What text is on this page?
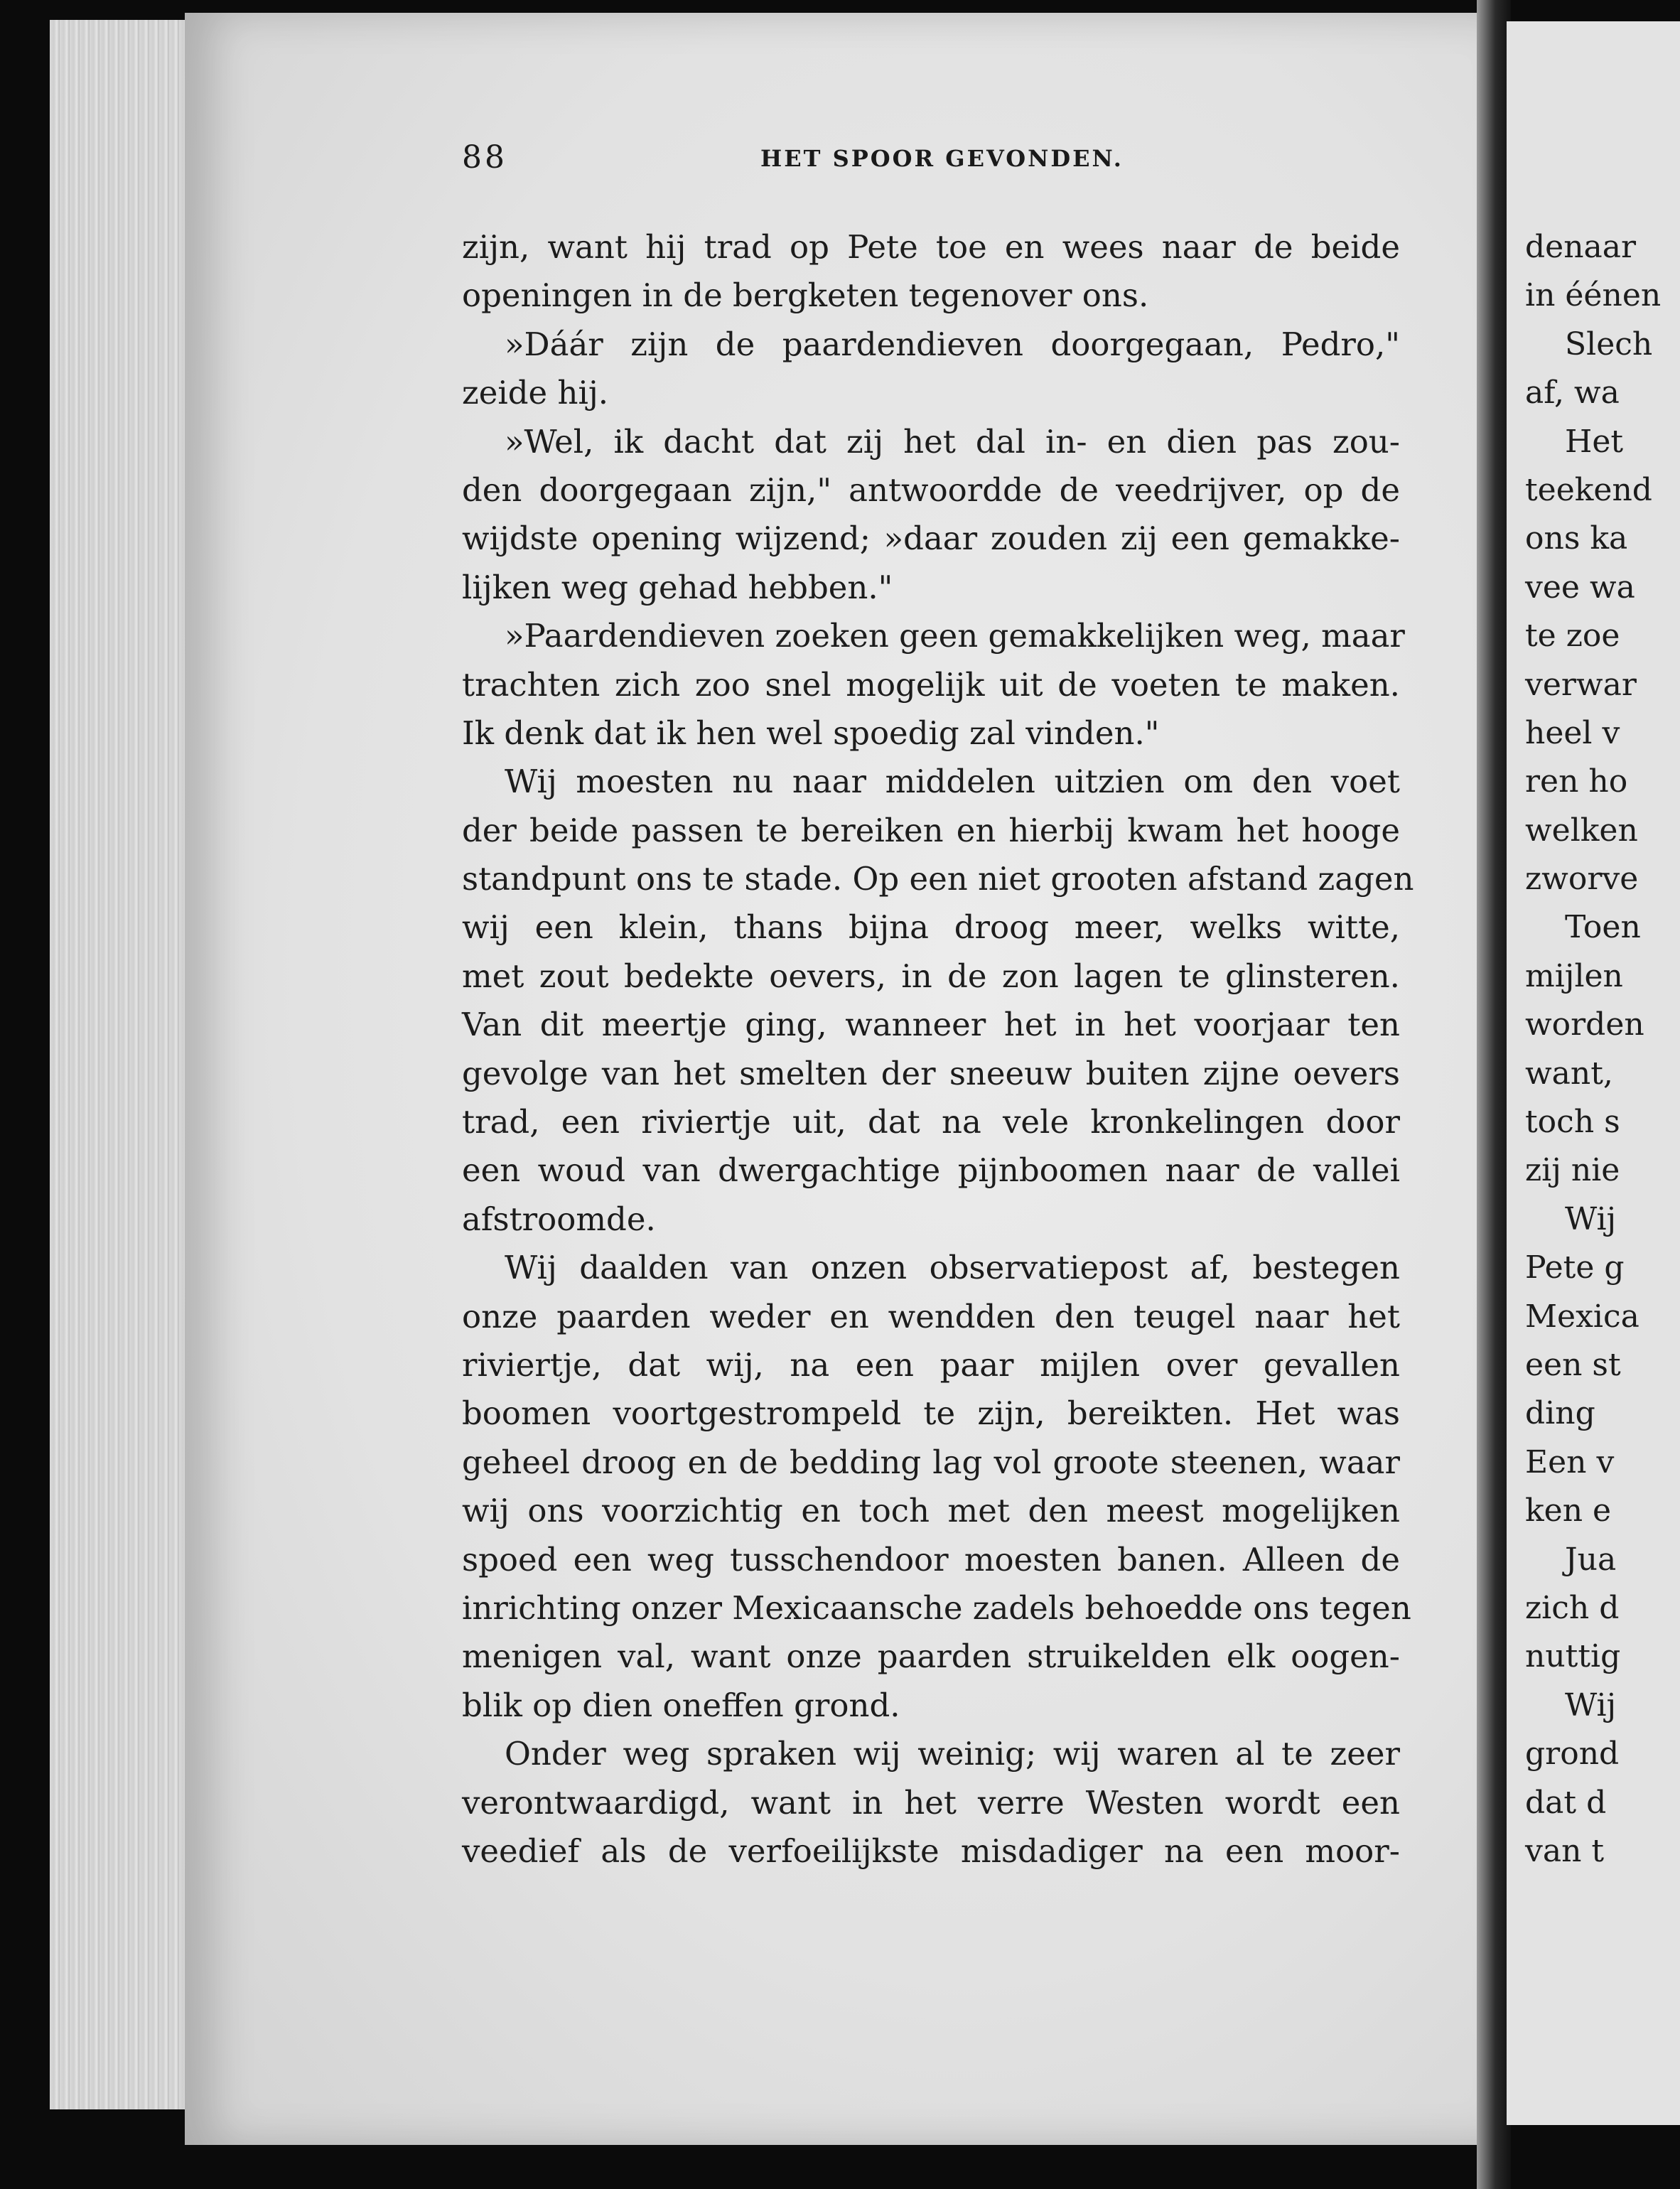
denaar
in éénen
Slech
af, wa
Het
teekend
ons ka
vee wa
te zoe
verwar
heel v
ren ho
welken
zworve
Toen
mijlen
worden
want,
toch s
zij nie
Wij
Pete g
Mexica
een st
ding
Een v
ken e
Jua
zich d
nuttig
Wij
grond
dat d
van t
88	HET SPOOR GEVONDEN.
zijn, want hij trad op Pete toe en wees naar de beide
openingen in de bergketen tegenover ons.
»Dáár zijn de paardendieven doorgegaan, Pedro,"
zeide hij.
»Wel, ik dacht dat zij het dal in- en dien pas zou-
den doorgegaan zijn," antwoordde de veedrijver, op de
wijdste opening wijzend; »daar zouden zij een gemakke-
lijken weg gehad hebben."
»Paardendieven zoeken geen gemakkelijken weg, maar
trachten zich zoo snel mogelijk uit de voeten te maken.
Ik denk dat ik hen wel spoedig zal vinden."
Wij moesten nu naar middelen uitzien om den voet
der beide passen te bereiken en hierbij kwam het hooge
standpunt ons te stade. Op een niet grooten afstand zagen
wij een klein, thans bijna droog meer, welks witte,
met zout bedekte oevers, in de zon lagen te glinsteren.
Van dit meertje ging, wanneer het in het voorjaar ten
gevolge van het smelten der sneeuw buiten zijne oevers
trad, een riviertje uit, dat na vele kronkelingen door
een woud van dwergachtige pijnboomen naar de vallei
afstroomde.
Wij daalden van onzen observatiepost af, bestegen
onze paarden weder en wendden den teugel naar het
riviertje, dat wij, na een paar mijlen over gevallen
boomen voortgestrompeld te zijn, bereikten. Het was
geheel droog en de bedding lag vol groote steenen, waar
wij ons voorzichtig en toch met den meest mogelijken
spoed een weg tusschendoor moesten banen. Alleen de
inrichting onzer Mexicaansche zadels behoedde ons tegen
menigen val, want onze paarden struikelden elk oogen-
blik op dien oneffen grond.
Onder weg spraken wij weinig; wij waren al te zeer
verontwaardigd, want in het verre Westen wordt een
veedief als de verfoeilijkste misdadiger na een moor-
